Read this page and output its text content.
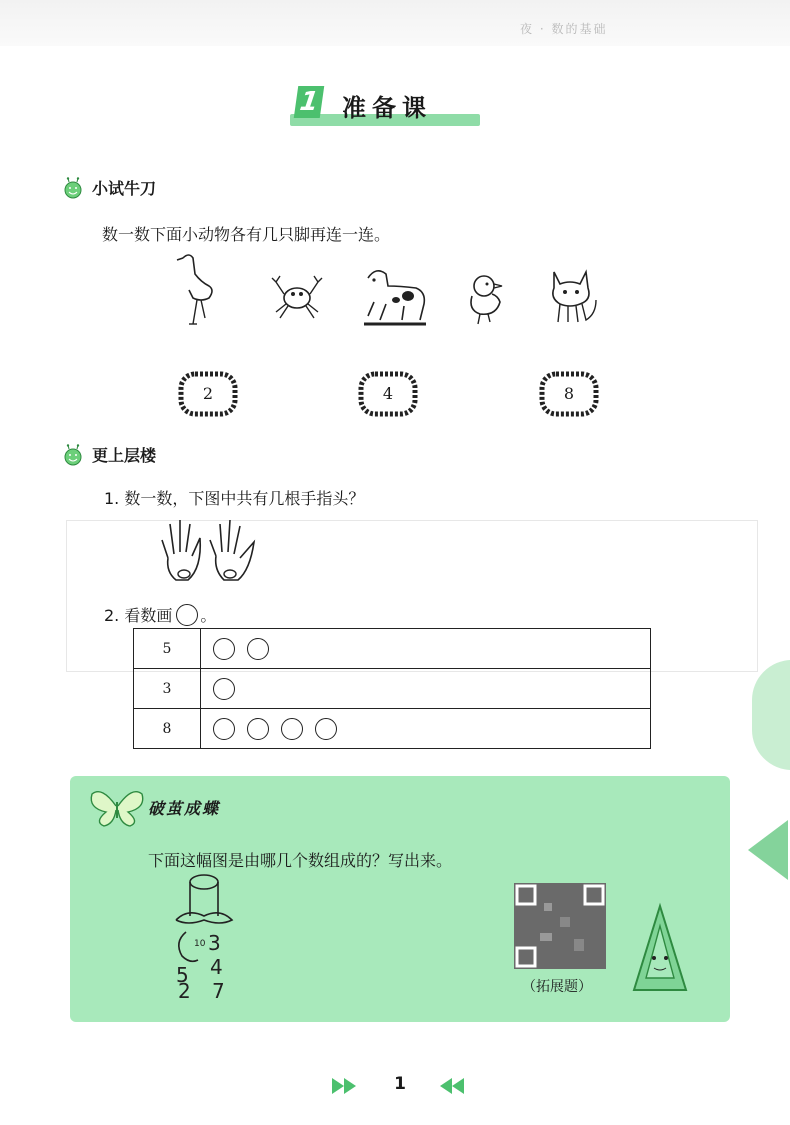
夜 · 数的基础
1 准备课
小试牛刀
数一数下面小动物各有几只脚再连一连。
2	4	8
更上层楼
1. 数一数，下图中共有几根手指头？
2. 看数画 。
5	
3	
8	
破茧成蝶
下面这幅图是由哪几个数组成的？写出来。
10 3
5 4
2 7	（拓展题）
1
